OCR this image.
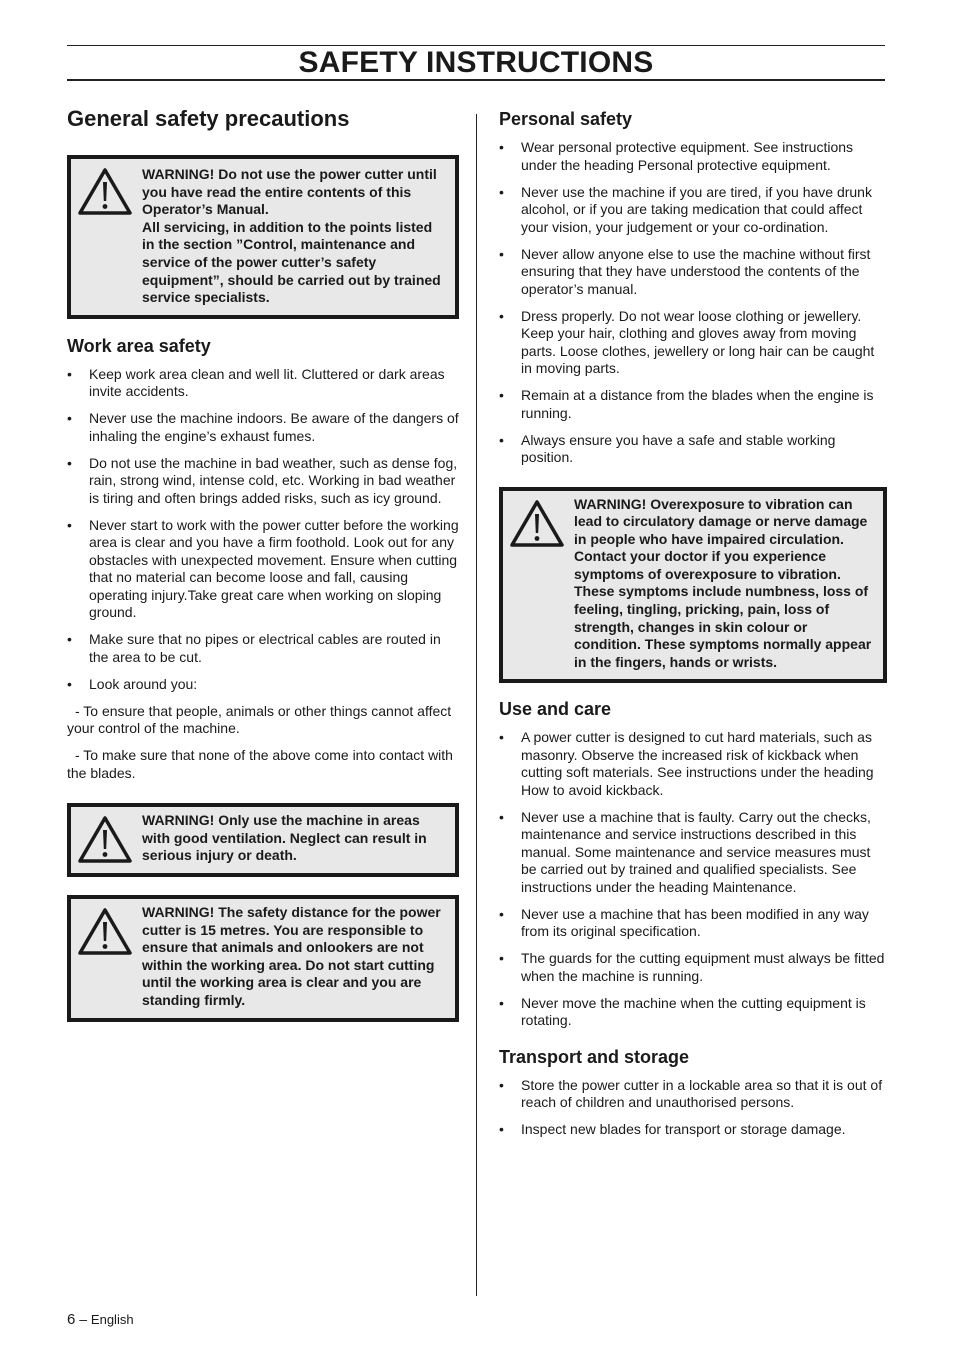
SAFETY INSTRUCTIONS
General safety precautions
WARNING! Do not use the power cutter until you have read the entire contents of this Operator’s Manual.
All servicing, in addition to the points listed in the section ”Control, maintenance and service of the power cutter’s safety equipment”, should be carried out by trained service specialists.
Work area safety
• Keep work area clean and well lit. Cluttered or dark areas invite accidents.
• Never use the machine indoors. Be aware of the dangers of inhaling the engine’s exhaust fumes.
• Do not use the machine in bad weather, such as dense fog, rain, strong wind, intense cold, etc. Working in bad weather is tiring and often brings added risks, such as icy ground.
• Never start to work with the power cutter before the working area is clear and you have a firm foothold. Look out for any obstacles with unexpected movement. Ensure when cutting that no material can become loose and fall, causing operating injury.Take great care when working on sloping ground.
• Make sure that no pipes or electrical cables are routed in the area to be cut.
• Look around you:

- To ensure that people, animals or other things cannot affect your control of the machine.

- To make sure that none of the above come into contact with the blades.

WARNING! Only use the machine in areas with good ventilation. Neglect can result in serious injury or death.
WARNING! The safety distance for the power cutter is 15 metres. You are responsible to ensure that animals and onlookers are not within the working area. Do not start cutting until the working area is clear and you are standing firmly.
Personal safety
• Wear personal protective equipment. See instructions under the heading Personal protective equipment.
• Never use the machine if you are tired, if you have drunk alcohol, or if you are taking medication that could affect your vision, your judgement or your co-ordination.
• Never allow anyone else to use the machine without first ensuring that they have understood the contents of the operator’s manual.
• Dress properly. Do not wear loose clothing or jewellery. Keep your hair, clothing and gloves away from moving parts. Loose clothes, jewellery or long hair can be caught in moving parts.
• Remain at a distance from the blades when the engine is running.
• Always ensure you have a safe and stable working position.
WARNING! Overexposure to vibration can lead to circulatory damage or nerve damage in people who have impaired circulation. Contact your doctor if you experience symptoms of overexposure to vibration. These symptoms include numbness, loss of feeling, tingling, pricking, pain, loss of strength, changes in skin colour or condition. These symptoms normally appear in the fingers, hands or wrists.
Use and care
• A power cutter is designed to cut hard materials, such as masonry. Observe the increased risk of kickback when cutting soft materials. See instructions under the heading How to avoid kickback.
• Never use a machine that is faulty. Carry out the checks, maintenance and service instructions described in this manual. Some maintenance and service measures must be carried out by trained and qualified specialists. See instructions under the heading Maintenance.
• Never use a machine that has been modified in any way from its original specification.
• The guards for the cutting equipment must always be fitted when the machine is running.
• Never move the machine when the cutting equipment is rotating.
Transport and storage
• Store the power cutter in a lockable area so that it is out of reach of children and unauthorised persons.
• Inspect new blades for transport or storage damage.
6 – English
